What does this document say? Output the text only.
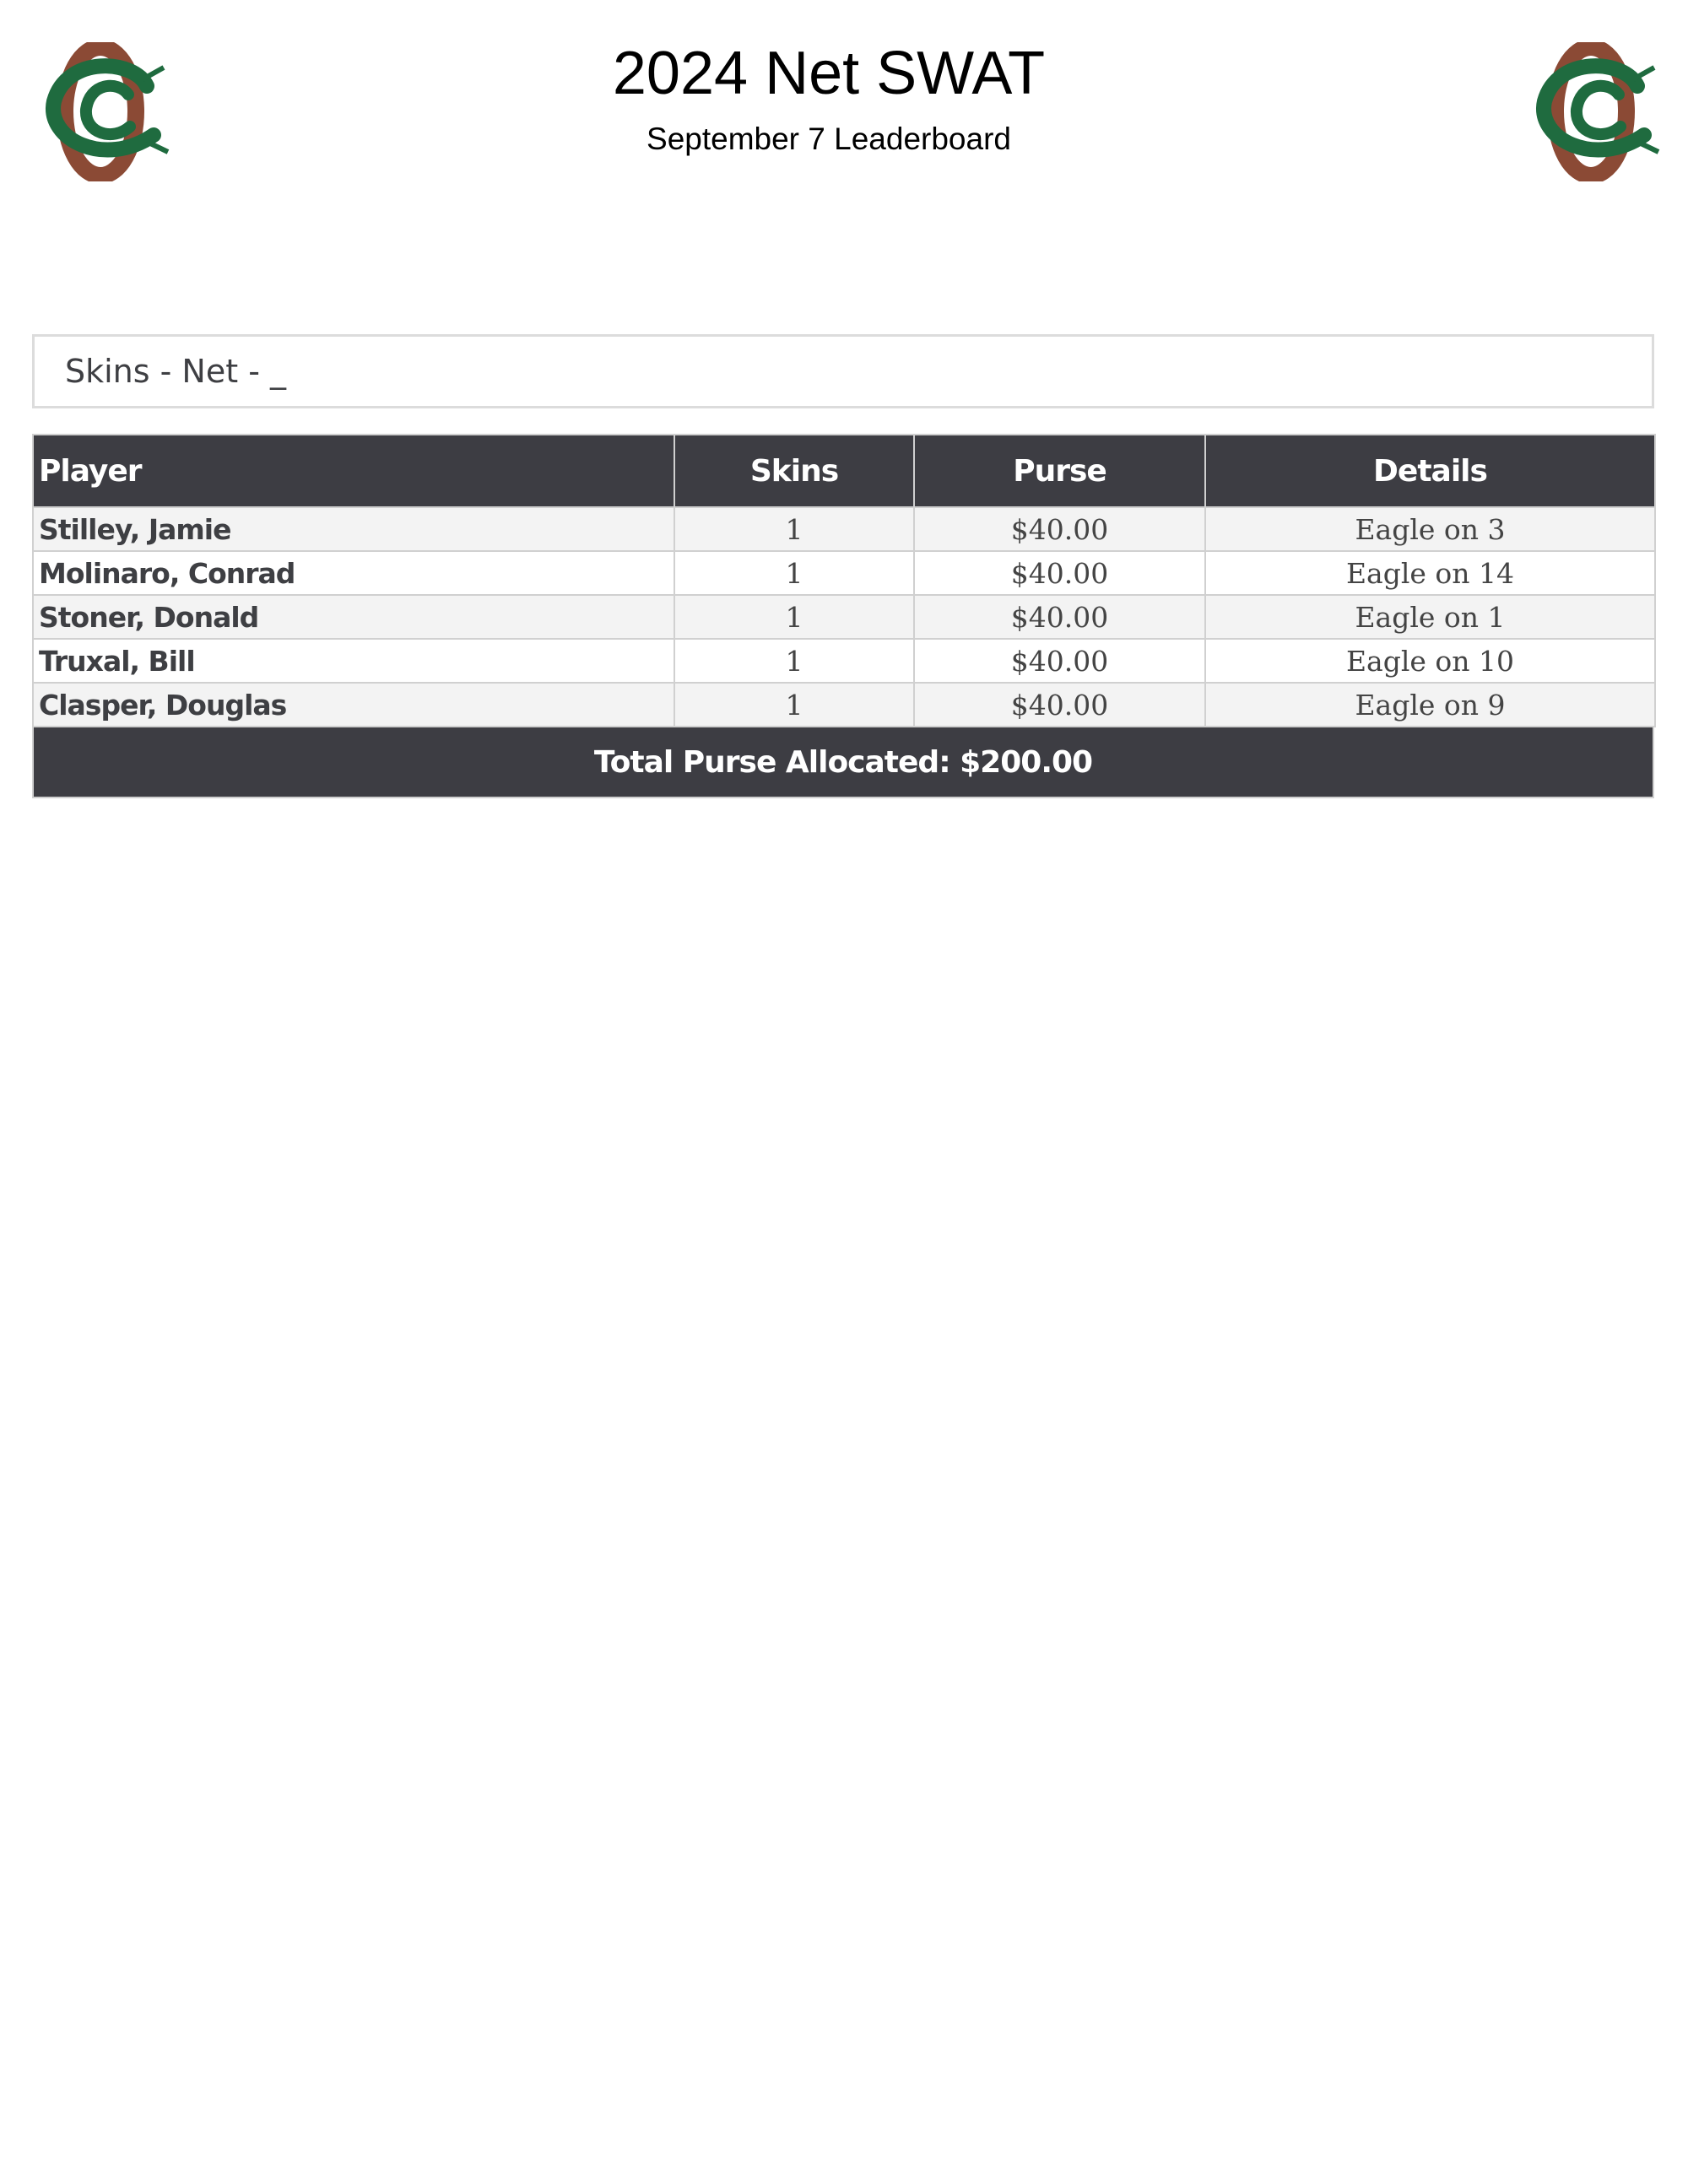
2024 Net SWAT
September 7 Leaderboard
Skins - Net - _
Player	Skins	Purse	Details
Stilley, Jamie	1	$40.00	Eagle on 3
Molinaro, Conrad	1	$40.00	Eagle on 14
Stoner, Donald	1	$40.00	Eagle on 1
Truxal, Bill	1	$40.00	Eagle on 10
Clasper, Douglas	1	$40.00	Eagle on 9
Total Purse Allocated: $200.00
